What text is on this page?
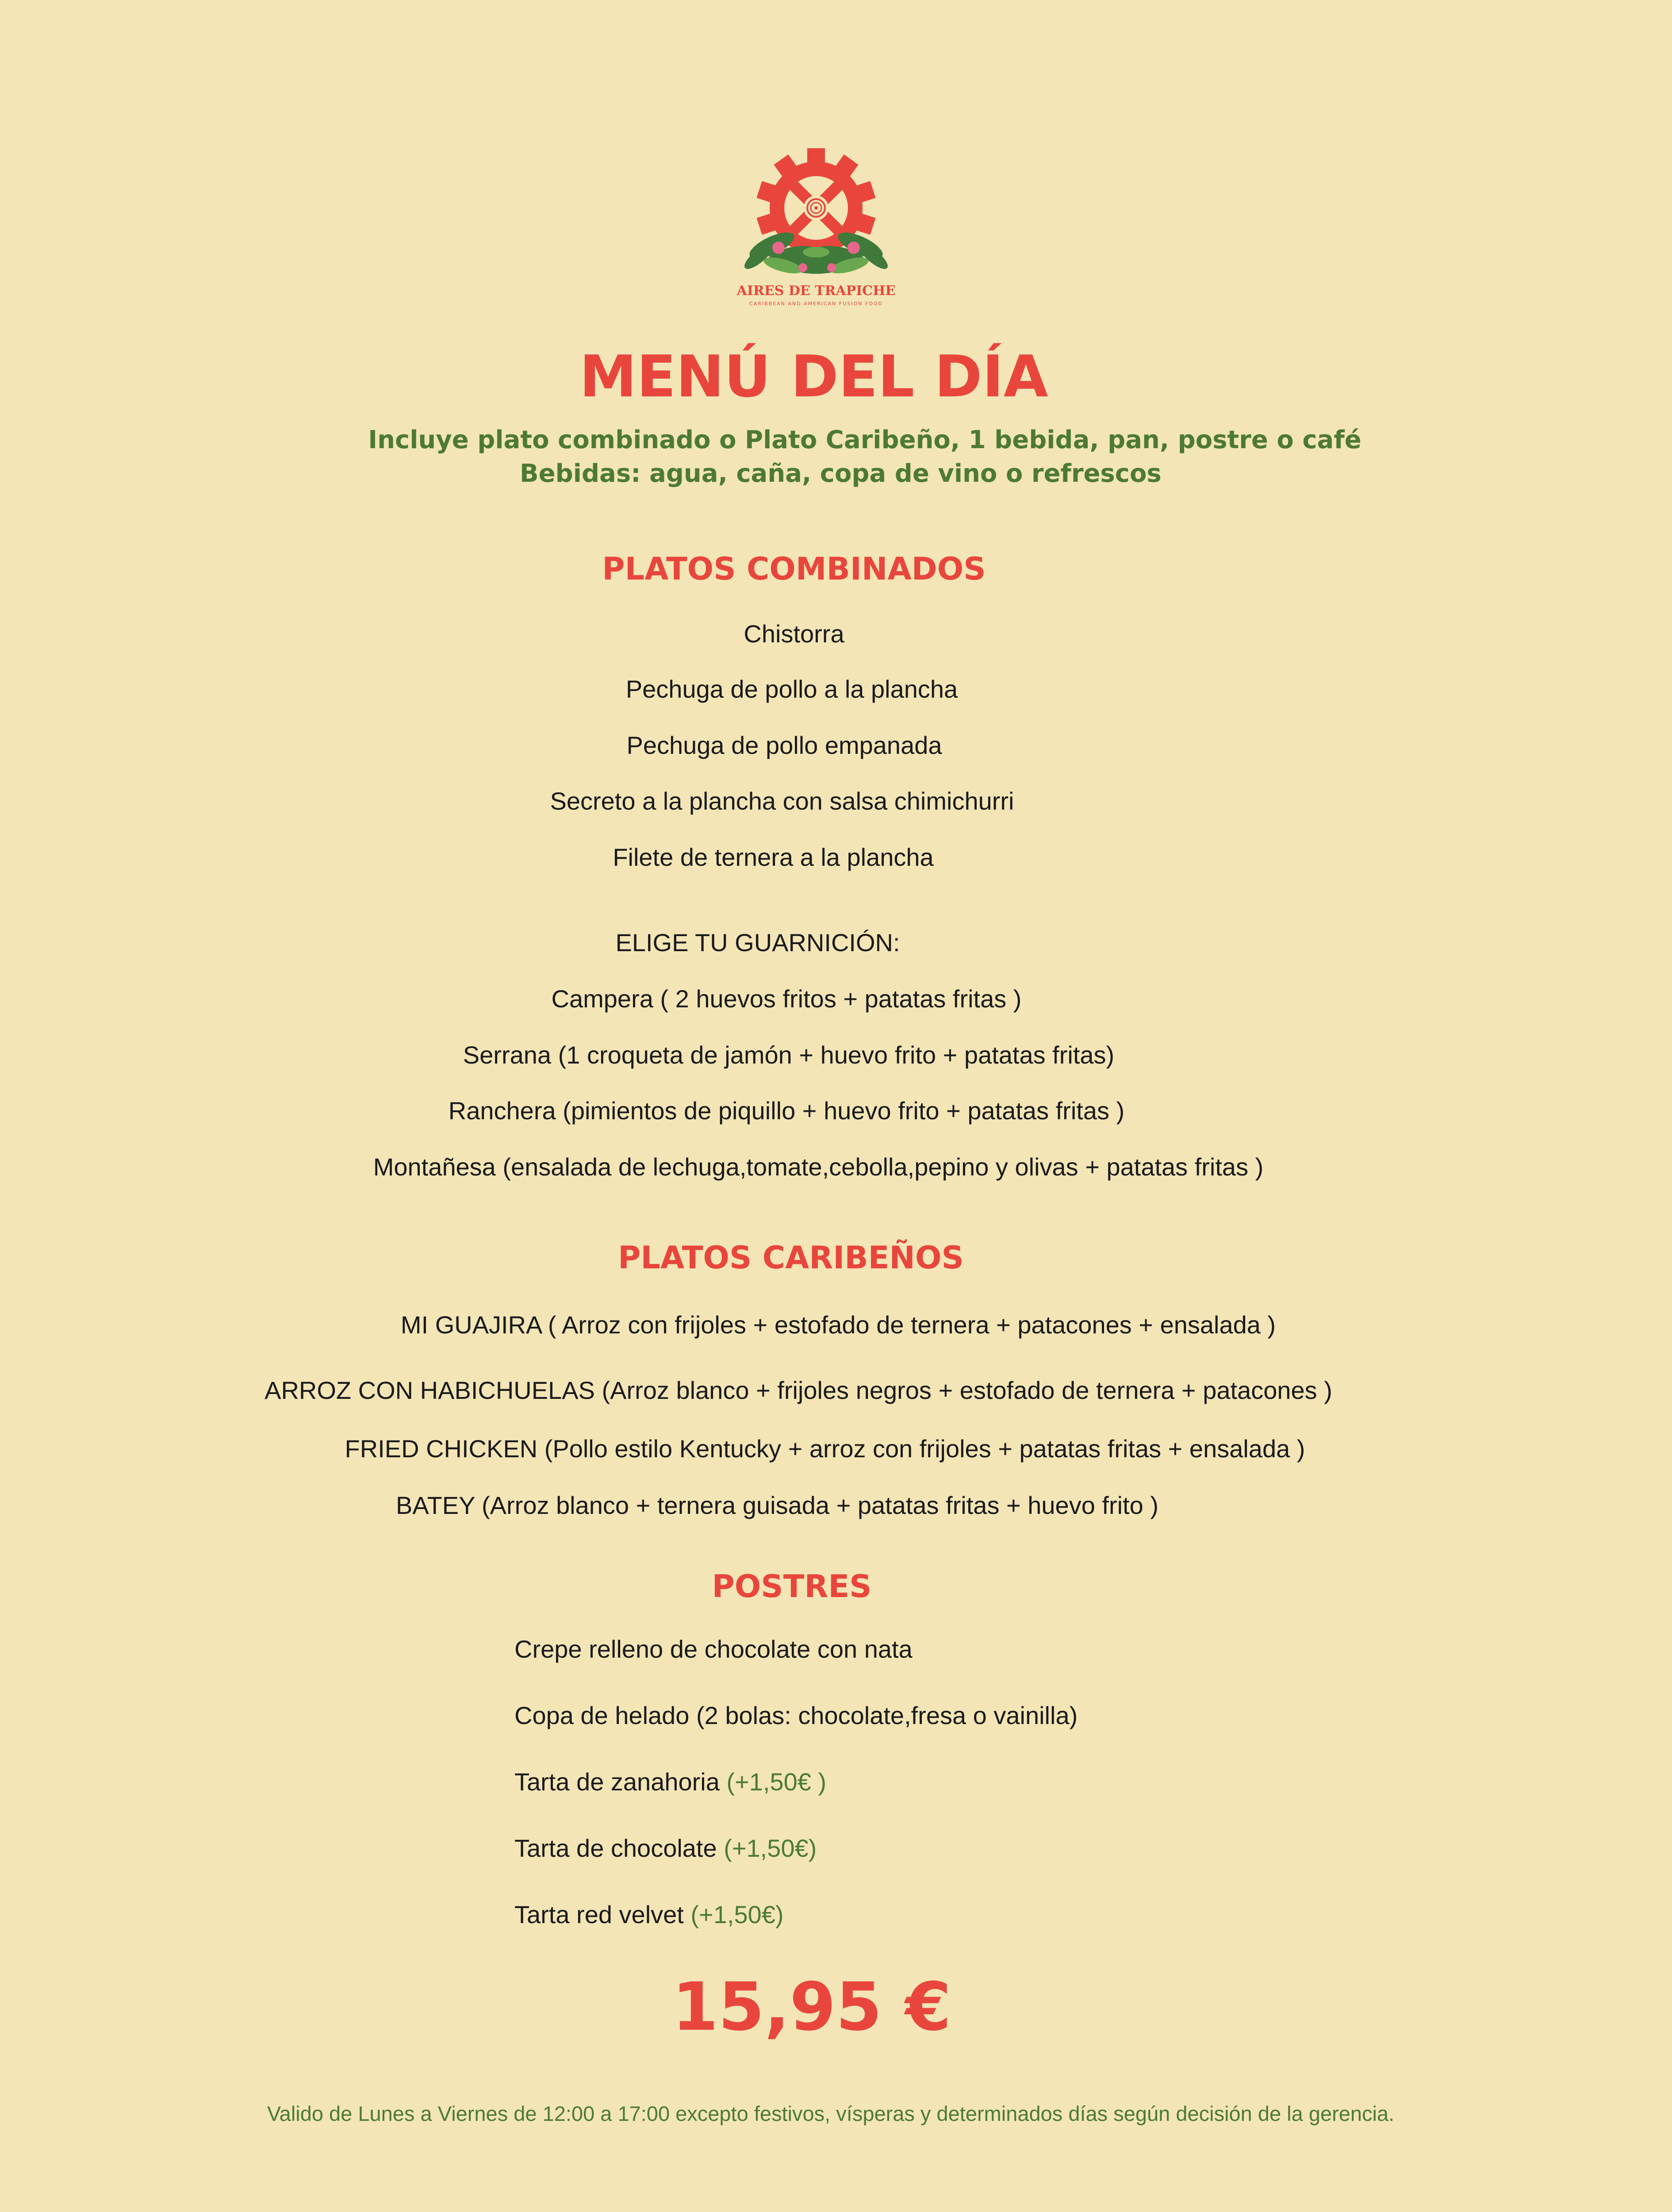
AIRES DE TRAPICHE
CARIBBEAN AND AMERICAN FUSION FOOD
MENÚ DEL DÍA
Incluye plato combinado o Plato Caribeño, 1 bebida, pan, postre o café
Bebidas: agua, caña, copa de vino o refrescos
PLATOS COMBINADOS
Chistorra
Pechuga de pollo a la plancha
Pechuga de pollo empanada
Secreto a la plancha con salsa chimichurri
Filete de ternera a la plancha
ELIGE TU GUARNICIÓN:
Campera ( 2 huevos fritos + patatas fritas )
Serrana (1 croqueta de jamón + huevo frito + patatas fritas)
Ranchera (pimientos de piquillo + huevo frito + patatas fritas )
Montañesa (ensalada de lechuga,tomate,cebolla,pepino y olivas + patatas fritas )
PLATOS CARIBEÑOS
MI GUAJIRA ( Arroz con frijoles + estofado de ternera + patacones + ensalada )
ARROZ CON HABICHUELAS (Arroz blanco + frijoles negros + estofado de ternera + patacones )
FRIED CHICKEN (Pollo estilo Kentucky + arroz con frijoles + patatas fritas + ensalada )
BATEY (Arroz blanco + ternera guisada + patatas fritas + huevo frito )
POSTRES
Crepe relleno de chocolate con nata
Copa de helado (2 bolas: chocolate,fresa o vainilla)
Tarta de zanahoria (+1,50€ )
Tarta de chocolate (+1,50€)
Tarta red velvet (+1,50€)
15,95 €
Valido de Lunes a Viernes de 12:00 a 17:00 excepto festivos, vísperas y determinados días según decisión de la gerencia.
